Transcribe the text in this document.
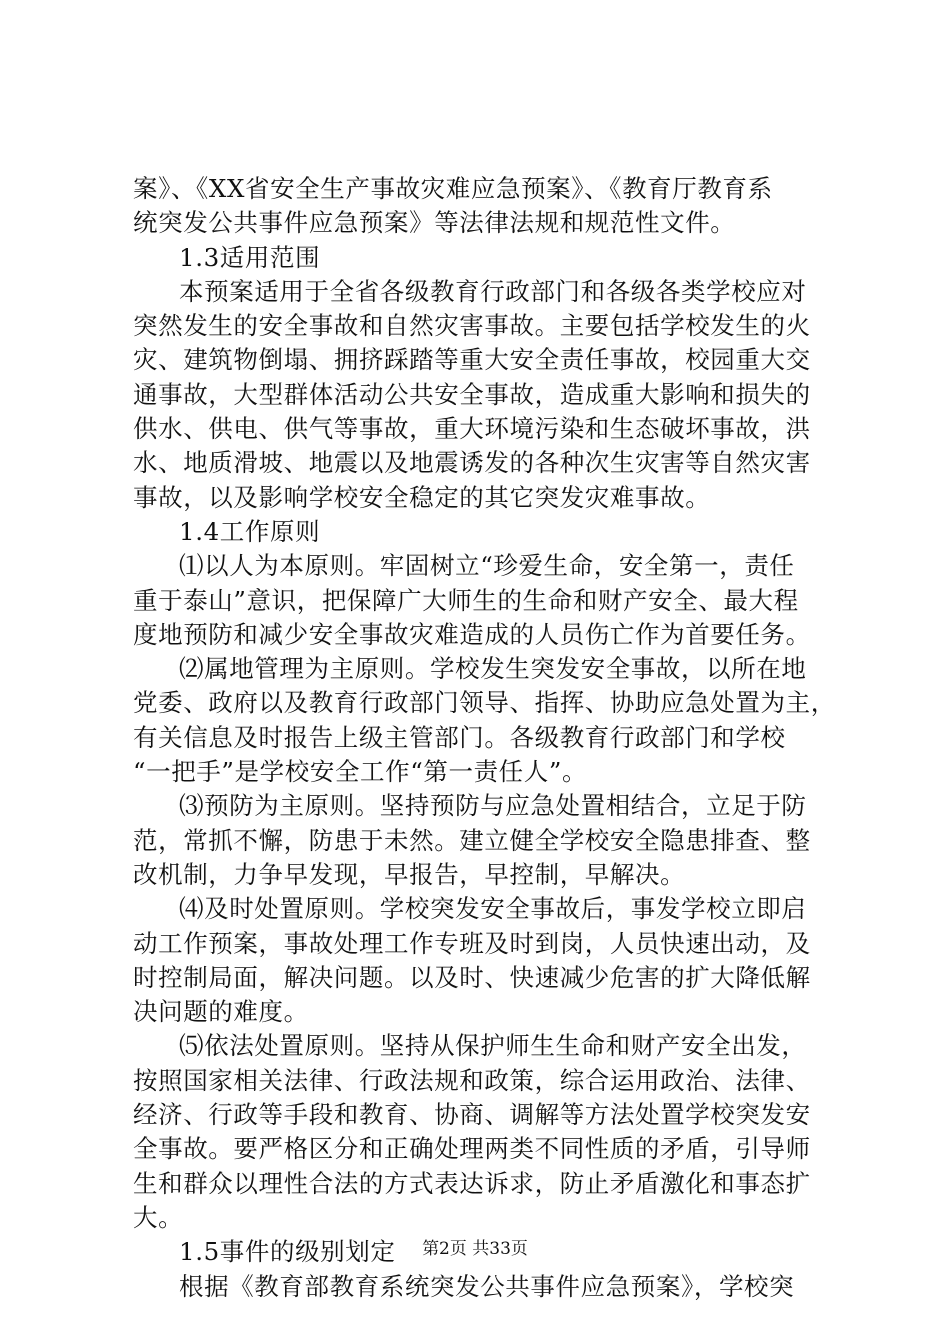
案》、《XX省安全生产事故灾难应急预案》、《教育厅教育系
统突发公共事件应急预案》等法律法规和规范性文件。
1.3适用范围
本预案适用于全省各级教育行政部门和各级各类学校应对
突然发生的安全事故和自然灾害事故。主要包括学校发生的火
灾、建筑物倒塌、拥挤踩踏等重大安全责任事故，校园重大交
通事故，大型群体活动公共安全事故，造成重大影响和损失的
供水、供电、供气等事故，重大环境污染和生态破坏事故，洪
水、地质滑坡、地震以及地震诱发的各种次生灾害等自然灾害
事故，以及影响学校安全稳定的其它突发灾难事故。
1.4工作原则
⑴以人为本原则。牢固树立“珍爱生命，安全第一，责任
重于泰山”意识，把保障广大师生的生命和财产安全、最大程
度地预防和减少安全事故灾难造成的人员伤亡作为首要任务。
⑵属地管理为主原则。学校发生突发安全事故，以所在地
党委、政府以及教育行政部门领导、指挥、协助应急处置为主，
有关信息及时报告上级主管部门。各级教育行政部门和学校
“一把手”是学校安全工作“第一责任人”。
⑶预防为主原则。坚持预防与应急处置相结合，立足于防
范，常抓不懈，防患于未然。建立健全学校安全隐患排查、整
改机制，力争早发现，早报告，早控制，早解决。
⑷及时处置原则。学校突发安全事故后，事发学校立即启
动工作预案，事故处理工作专班及时到岗，人员快速出动，及
时控制局面，解决问题。以及时、快速减少危害的扩大降低解
决问题的难度。
⑸依法处置原则。坚持从保护师生生命和财产安全出发，
按照国家相关法律、行政法规和政策，综合运用政治、法律、
经济、行政等手段和教育、协商、调解等方法处置学校突发安
全事故。要严格区分和正确处理两类不同性质的矛盾，引导师
生和群众以理性合法的方式表达诉求，防止矛盾激化和事态扩
大。
1.5事件的级别划定
根据《教育部教育系统突发公共事件应急预案》，学校突
第2页 共33页
